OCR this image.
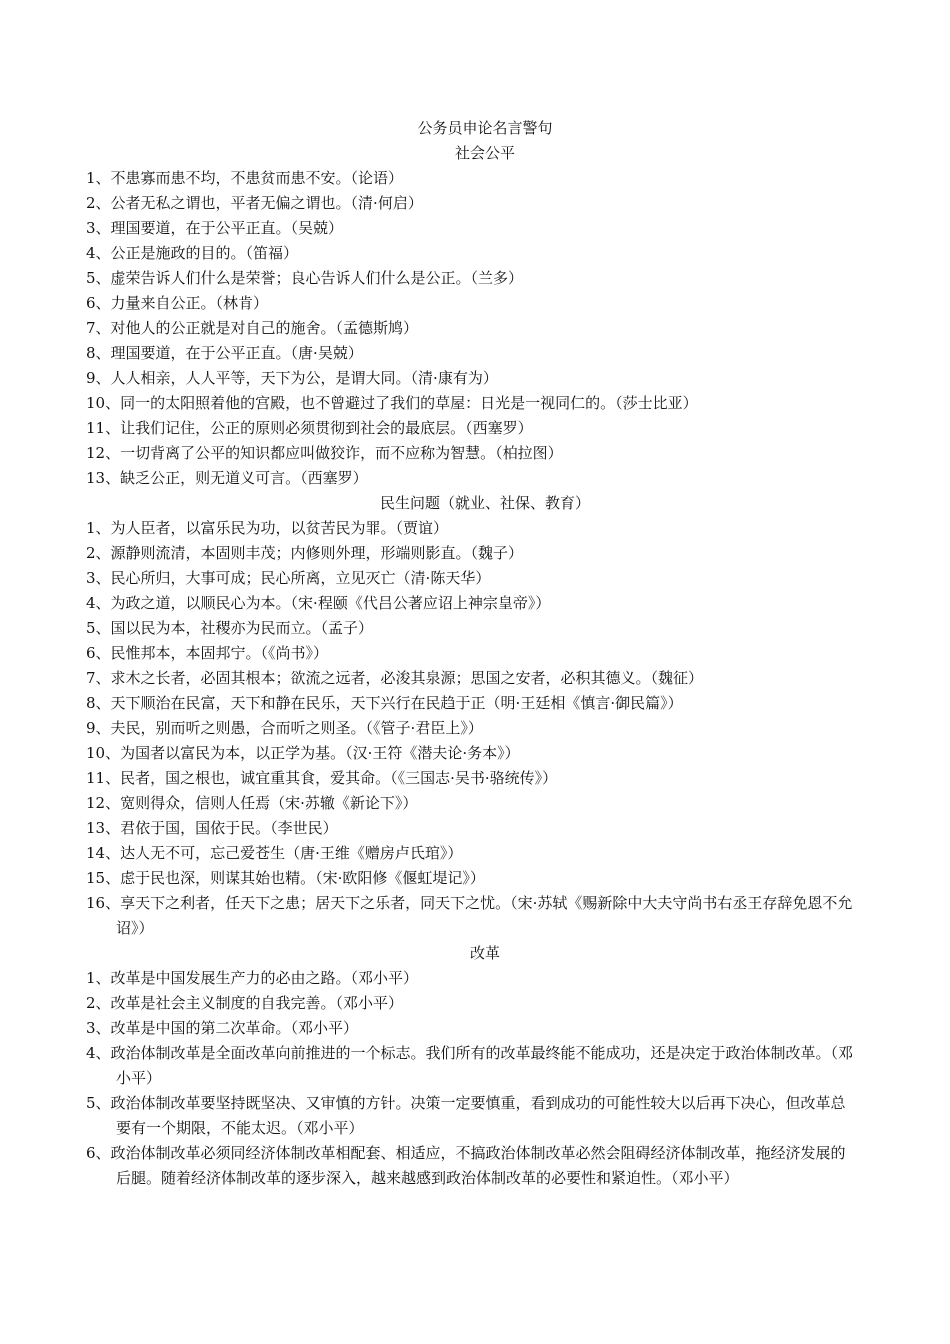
公务员申论名言警句
社会公平

1、不患寡而患不均，不患贫而患不安。（论语）

2、公者无私之谓也，平者无偏之谓也。（清·何启）

3、理国要道，在于公平正直。（吴兢）

4、公正是施政的目的。（笛福）

5、虚荣告诉人们什么是荣誉；良心告诉人们什么是公正。（兰多）

6、力量来自公正。（林肯）

7、对他人的公正就是对自己的施舍。（孟德斯鸠）

8、理国要道，在于公平正直。（唐·吴兢）

9、人人相亲，人人平等，天下为公，是谓大同。（清·康有为）

10、同一的太阳照着他的宫殿，也不曾避过了我们的草屋：日光是一视同仁的。（莎士比亚）

11、让我们记住，公正的原则必须贯彻到社会的最底层。（西塞罗）

12、一切背离了公平的知识都应叫做狡诈，而不应称为智慧。（柏拉图）

13、缺乏公正，则无道义可言。（西塞罗）

民生问题（就业、社保、教育）

1、为人臣者，以富乐民为功，以贫苦民为罪。（贾谊）

2、源静则流清，本固则丰茂；内修则外理，形端则影直。（魏子）

3、民心所归，大事可成；民心所离，立见灭亡（清·陈天华）

4、为政之道，以顺民心为本。（宋·程颐《代吕公著应诏上神宗皇帝》）

5、国以民为本，社稷亦为民而立。（孟子）

6、民惟邦本，本固邦宁。（《尚书》）

7、求木之长者，必固其根本；欲流之远者，必浚其泉源；思国之安者，必积其德义。（魏征）

8、天下顺治在民富，天下和静在民乐，天下兴行在民趋于正（明·王廷相《慎言·御民篇》）

9、夫民，别而听之则愚，合而听之则圣。（《管子·君臣上》）

10、为国者以富民为本，以正学为基。（汉·王符《潜夫论·务本》）

11、民者，国之根也，诚宜重其食，爱其命。（《三国志·吴书·骆统传》）

12、宽则得众，信则人任焉（宋·苏辙《新论下》）

13、君依于国，国依于民。（李世民）

14、达人无不可，忘己爱苍生（唐·王维《赠房卢氏琯》）

15、虑于民也深，则谋其始也精。（宋·欧阳修《偃虹堤记》）

16、享天下之利者，任天下之患；居天下之乐者，同天下之忧。（宋·苏轼《赐新除中大夫守尚书右丞王存辞免恩不允诏》）

改革

1、改革是中国发展生产力的必由之路。（邓小平）

2、改革是社会主义制度的自我完善。（邓小平）

3、改革是中国的第二次革命。（邓小平）

4、政治体制改革是全面改革向前推进的一个标志。我们所有的改革最终能不能成功，还是决定于政治体制改革。（邓小平）

5、政治体制改革要坚持既坚决、又审慎的方针。决策一定要慎重，看到成功的可能性较大以后再下决心，但改革总要有一个期限，不能太迟。（邓小平）

6、政治体制改革必须同经济体制改革相配套、相适应，不搞政治体制改革必然会阻碍经济体制改革，拖经济发展的后腿。随着经济体制改革的逐步深入，越来越感到政治体制改革的必要性和紧迫性。（邓小平）
